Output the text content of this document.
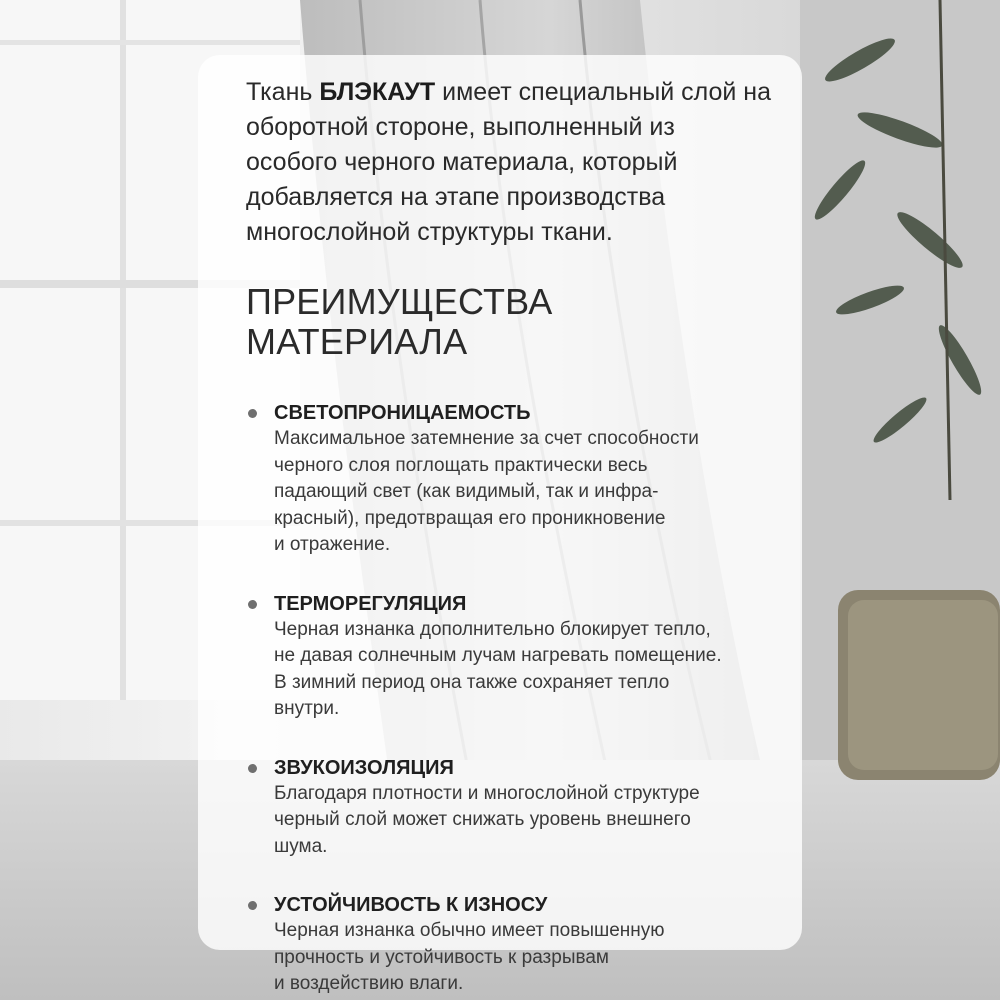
Ткань БЛЭКАУТ имеет специальный слой на оборотной стороне, выполненный из особого черного материала, который добавляется на этапе производства многослойной структуры ткани.

ПРЕИМУЩЕСТВА МАТЕРИАЛА
СВЕТОПРОНИЦАЕМОСТЬ
Максимальное затемнение за счет способности
черного слоя поглощать практически весь
падающий свет (как видимый, так и инфра-
красный), предотвращая его проникновение
и отражение.
ТЕРМОРЕГУЛЯЦИЯ
Черная изнанка дополнительно блокирует тепло,
не давая солнечным лучам нагревать помещение.
В зимний период она также сохраняет тепло
внутри.
ЗВУКОИЗОЛЯЦИЯ
Благодаря плотности и многослойной структуре
черный слой может снижать уровень внешнего
шума.
УСТОЙЧИВОСТЬ К ИЗНОСУ
Черная изнанка обычно имеет повышенную
прочность и устойчивость к разрывам
и воздействию влаги.
